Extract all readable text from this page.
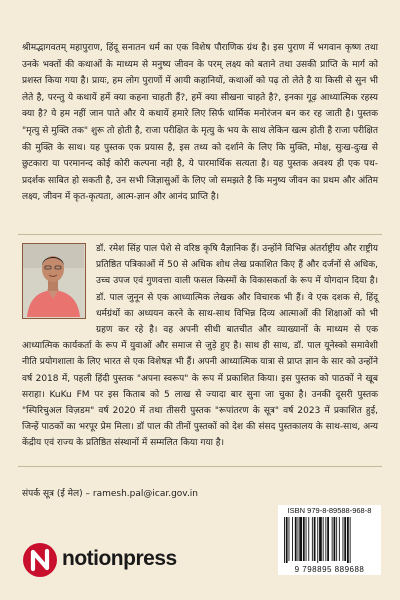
श्रीमद्भागवतम् महापुराण, हिंदू सनातन धर्म का एक विशेष पौराणिक ग्रंथ है। इस पुराण में भगवान कृष्ण तथा उनके भक्तों की कथाओं के माध्यम से मनुष्य जीवन के परम् लक्ष्य को बताने तथा उसकी प्राप्ति के मार्ग को प्रशस्त किया गया है। प्रायः, हम लोग पुराणों में आयी कहानियों, कथाओं को पढ़ तो लेते है या किसी से सुन भी लेते है, परन्तु ये कथायें हमें क्या कहना चाहती हैं?, हमें क्या सीखना चाहते है?, इनका गूढ़ आध्यात्मिक रहस्य क्या है? ये हम नहीं जान पाते और ये कथायें हमारे लिए सिर्फ धार्मिक मनोरंजन बन कर रह जाती है। पुस्तक "मृत्यु से मुक्ति तक" शुरू तो होती है, राजा परीक्षित के मृत्यु के भय के साथ लेकिन खत्म होती है राजा परीक्षित की मुक्ति के साथ। यह पुस्तक एक प्रयास है, इस तथ्य को दर्शाने के लिए कि मुक्ति, मोक्ष, सुःख-दुःख से छुटकारा या परमानन्द कोई कोरी कल्पना नही है, ये पारमार्थिक सत्यता है। यह पुस्तक अवश्य ही एक पथ-प्रदर्शक साबित हो सकती है, उन सभी जिज्ञासुओं के लिए जो समझते है कि मनुष्य जीवन का प्रथम और अंतिम लक्ष्य, जीवन में कृत-कृत्यता, आत्म-ज्ञान और आनंद प्राप्ति है।

डॉ. रमेश सिंह पाल पेशे से वरिष्ठ कृषि वैज्ञानिक हैं। उन्होंने विभिन्न अंतर्राष्ट्रीय और राष्ट्रीय प्रतिष्ठित पत्रिकाओं में 50 से अधिक शोध लेख प्रकाशित किए हैं और दर्जनों से अधिक, उच्च उपज एवं गुणवत्ता वाली फसल किस्मों के विकासकर्ता के रूप में योगदान दिया है। डॉ. पाल जुनून से एक आध्यात्मिक लेखक और विचारक भी हैं। वे एक दशक से, हिंदू धर्मग्रंथों का अध्ययन करने के साथ-साथ विभिन्न दिव्य आत्माओं की शिक्षाओं को भी ग्रहण कर रहे है। वह अपनी सीधी बातचीत और व्याख्यानों के माध्यम से एक आध्यात्मिक कार्यकर्ता के रूप में युवाओं और समाज से जुड़े हुए है। साथ ही साथ, डॉ. पाल यूनेस्को समावेशी नीति प्रयोगशाला के लिए भारत से एक विशेषज्ञ भी हैं। अपनी आध्यात्मिक यात्रा से प्राप्त ज्ञान के सार को उन्होंने वर्ष 2018 में, पहली हिंदी पुस्तक "अपना स्वरूप" के रूप में प्रकाशित किया। इस पुस्तक को पाठकों ने खूब सराहा। KuKu FM पर इस किताब को 5 लाख से ज्यादा बार सुना जा चुका है। उनकी दूसरी पुस्तक "स्पिरिचुअल विज़डम" वर्ष 2020 में तथा तीसरी पुस्तक "रूपांतरण के सूत्र" वर्ष 2023 में प्रकाशित हुई, जिन्हें पाठकों का भरपूर प्रेम मिला। डॉ पाल की तीनों पुस्तकों को देश की संसद पुस्तकालय के साथ-साथ, अन्य केंद्रीय एवं राज्य के प्रतिष्ठित संस्थानों में सम्मलित किया गया है।

संपर्क सूत्र (ई मेल) – ramesh.pal@icar.gov.in
notionpress
ISBN 979-8-89588-968-8
9 798895 889688
